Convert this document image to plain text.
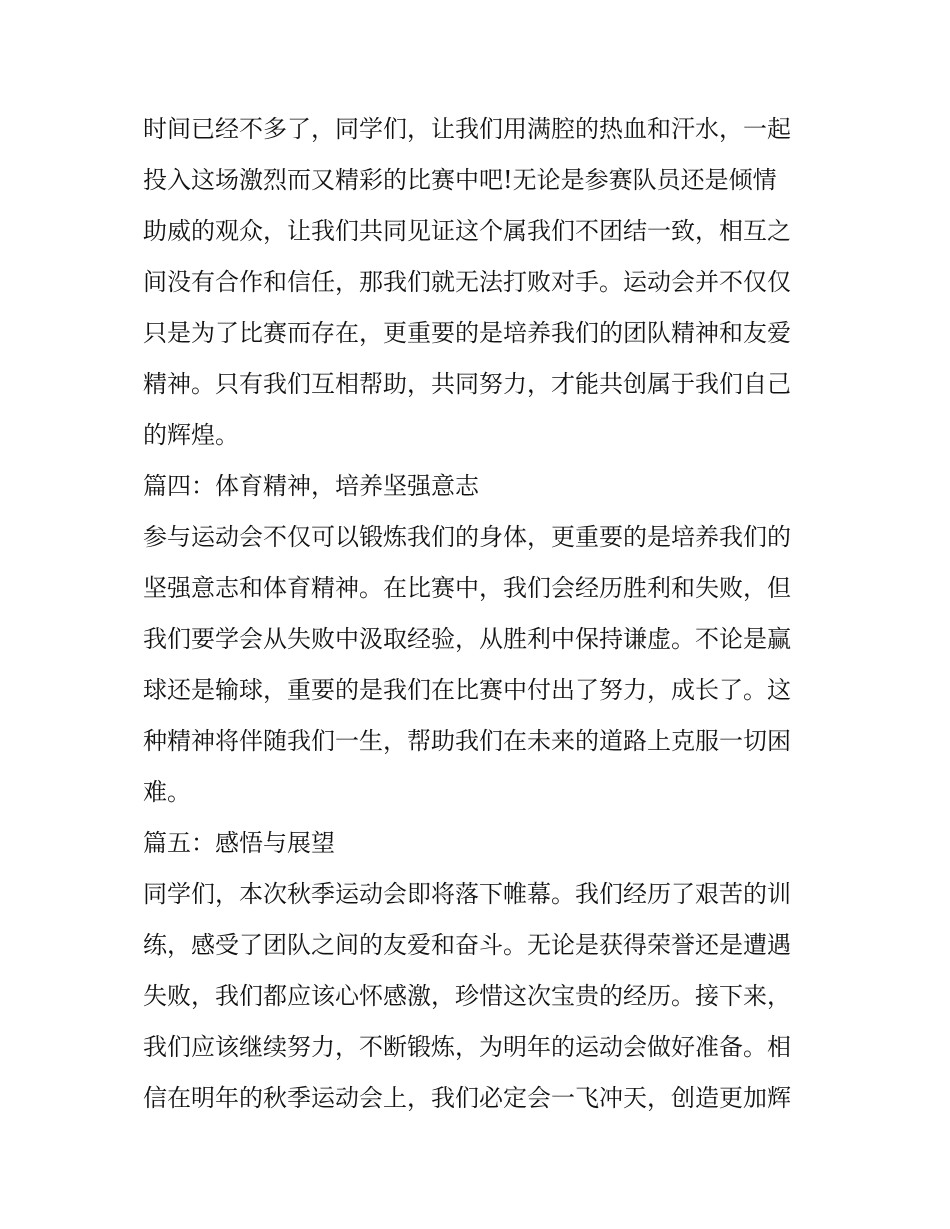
时间已经不多了，同学们，让我们用满腔的热血和汗水，一起
投入这场激烈而又精彩的比赛中吧!无论是参赛队员还是倾情
助威的观众，让我们共同见证这个属我们不团结一致，相互之
间没有合作和信任，那我们就无法打败对手。运动会并不仅仅
只是为了比赛而存在，更重要的是培养我们的团队精神和友爱
精神。只有我们互相帮助，共同努力，才能共创属于我们自己
的辉煌。
篇四：体育精神，培养坚强意志
参与运动会不仅可以锻炼我们的身体，更重要的是培养我们的
坚强意志和体育精神。在比赛中，我们会经历胜利和失败，但
我们要学会从失败中汲取经验，从胜利中保持谦虚。不论是赢
球还是输球，重要的是我们在比赛中付出了努力，成长了。这
种精神将伴随我们一生，帮助我们在未来的道路上克服一切困
难。
篇五：感悟与展望
同学们，本次秋季运动会即将落下帷幕。我们经历了艰苦的训
练，感受了团队之间的友爱和奋斗。无论是获得荣誉还是遭遇
失败，我们都应该心怀感激，珍惜这次宝贵的经历。接下来，
我们应该继续努力，不断锻炼，为明年的运动会做好准备。相
信在明年的秋季运动会上，我们必定会一飞冲天，创造更加辉
